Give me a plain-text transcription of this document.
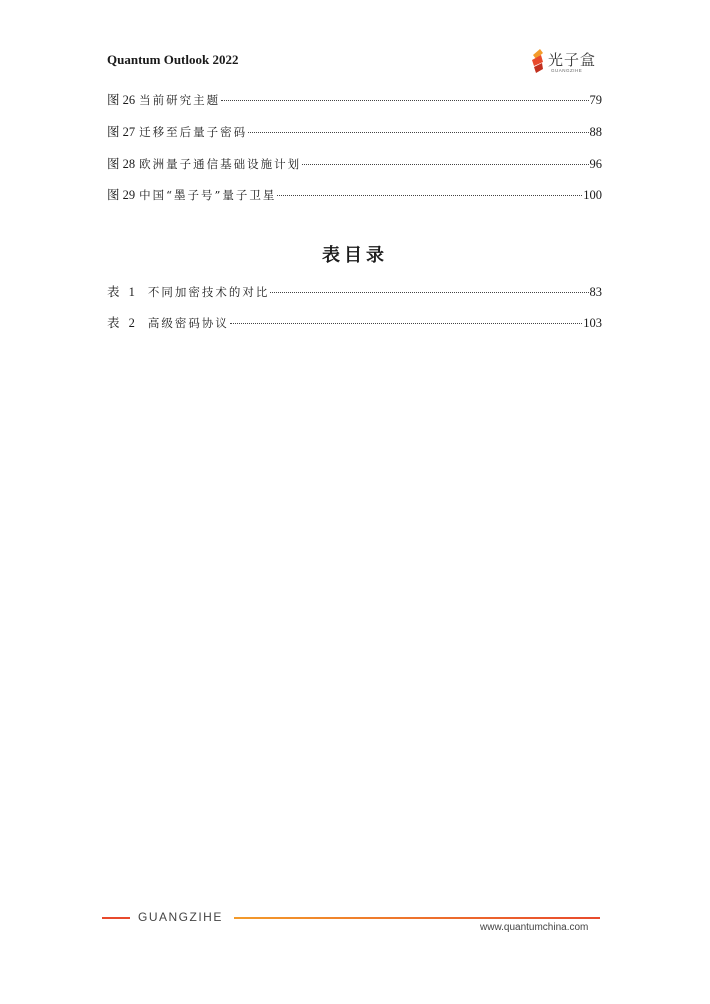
Quantum Outlook 2022	光子盒
GUANGZIHE
图 26 当前研究主题	79
图 27 迁移至后量子密码	88
图 28 欧洲量子通信基础设施计划	96
图 29 中国“墨子号”量子卫星	100
表目录
表 1 不同加密技术的对比	83
表 2 高级密码协议	103
GUANGZIHE
www.quantumchina.com
